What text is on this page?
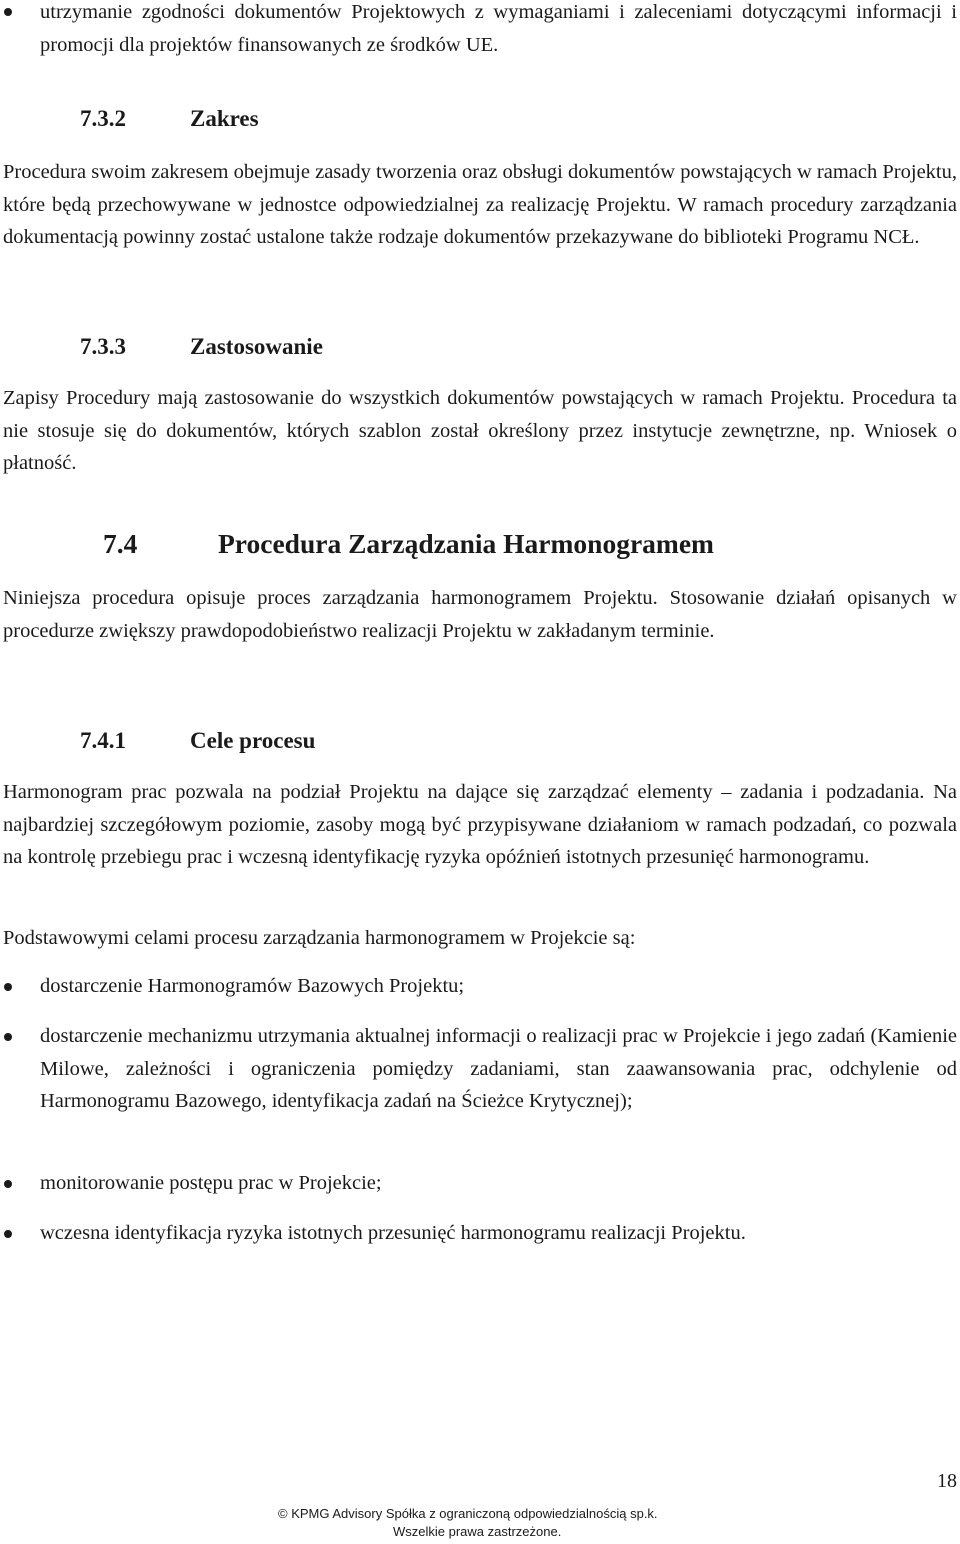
utrzymanie zgodności dokumentów Projektowych z wymaganiami i zaleceniami dotyczącymi informacji i promocji dla projektów finansowanych ze środków UE.
7.3.2	Zakres
Procedura swoim zakresem obejmuje zasady tworzenia oraz obsługi dokumentów powstających w ramach Projektu, które będą przechowywane w jednostce odpowiedzialnej za realizację Projektu. W ramach procedury zarządzania dokumentacją powinny zostać ustalone także rodzaje dokumentów przekazywane do biblioteki Programu NCŁ.
7.3.3	Zastosowanie
Zapisy Procedury mają zastosowanie do wszystkich dokumentów powstających w ramach Projektu. Procedura ta nie stosuje się do dokumentów, których szablon został określony przez instytucje zewnętrzne, np. Wniosek o płatność.
7.4	Procedura Zarządzania Harmonogramem
Niniejsza procedura opisuje proces zarządzania harmonogramem Projektu. Stosowanie działań opisanych w procedurze zwiększy prawdopodobieństwo realizacji Projektu w zakładanym terminie.
7.4.1	Cele procesu
Harmonogram prac pozwala na podział Projektu na dające się zarządzać elementy – zadania i podzadania. Na najbardziej szczegółowym poziomie, zasoby mogą być przypisywane działaniom w ramach podzadań, co pozwala na kontrolę przebiegu prac i wczesną identyfikację ryzyka opóźnień istotnych przesunięć harmonogramu.
Podstawowymi celami procesu zarządzania harmonogramem w Projekcie są:
dostarczenie Harmonogramów Bazowych Projektu;
dostarczenie mechanizmu utrzymania aktualnej informacji o realizacji prac w Projekcie i jego zadań (Kamienie Milowe, zależności i ograniczenia pomiędzy zadaniami, stan zaawansowania prac, odchylenie od Harmonogramu Bazowego, identyfikacja zadań na Ścieżce Krytycznej);
monitorowanie postępu prac w Projekcie;
wczesna identyfikacja ryzyka istotnych przesunięć harmonogramu realizacji Projektu.
18
© KPMG Advisory Spółka z ograniczoną odpowiedzialnością sp.k.
Wszelkie prawa zastrzeżone.
